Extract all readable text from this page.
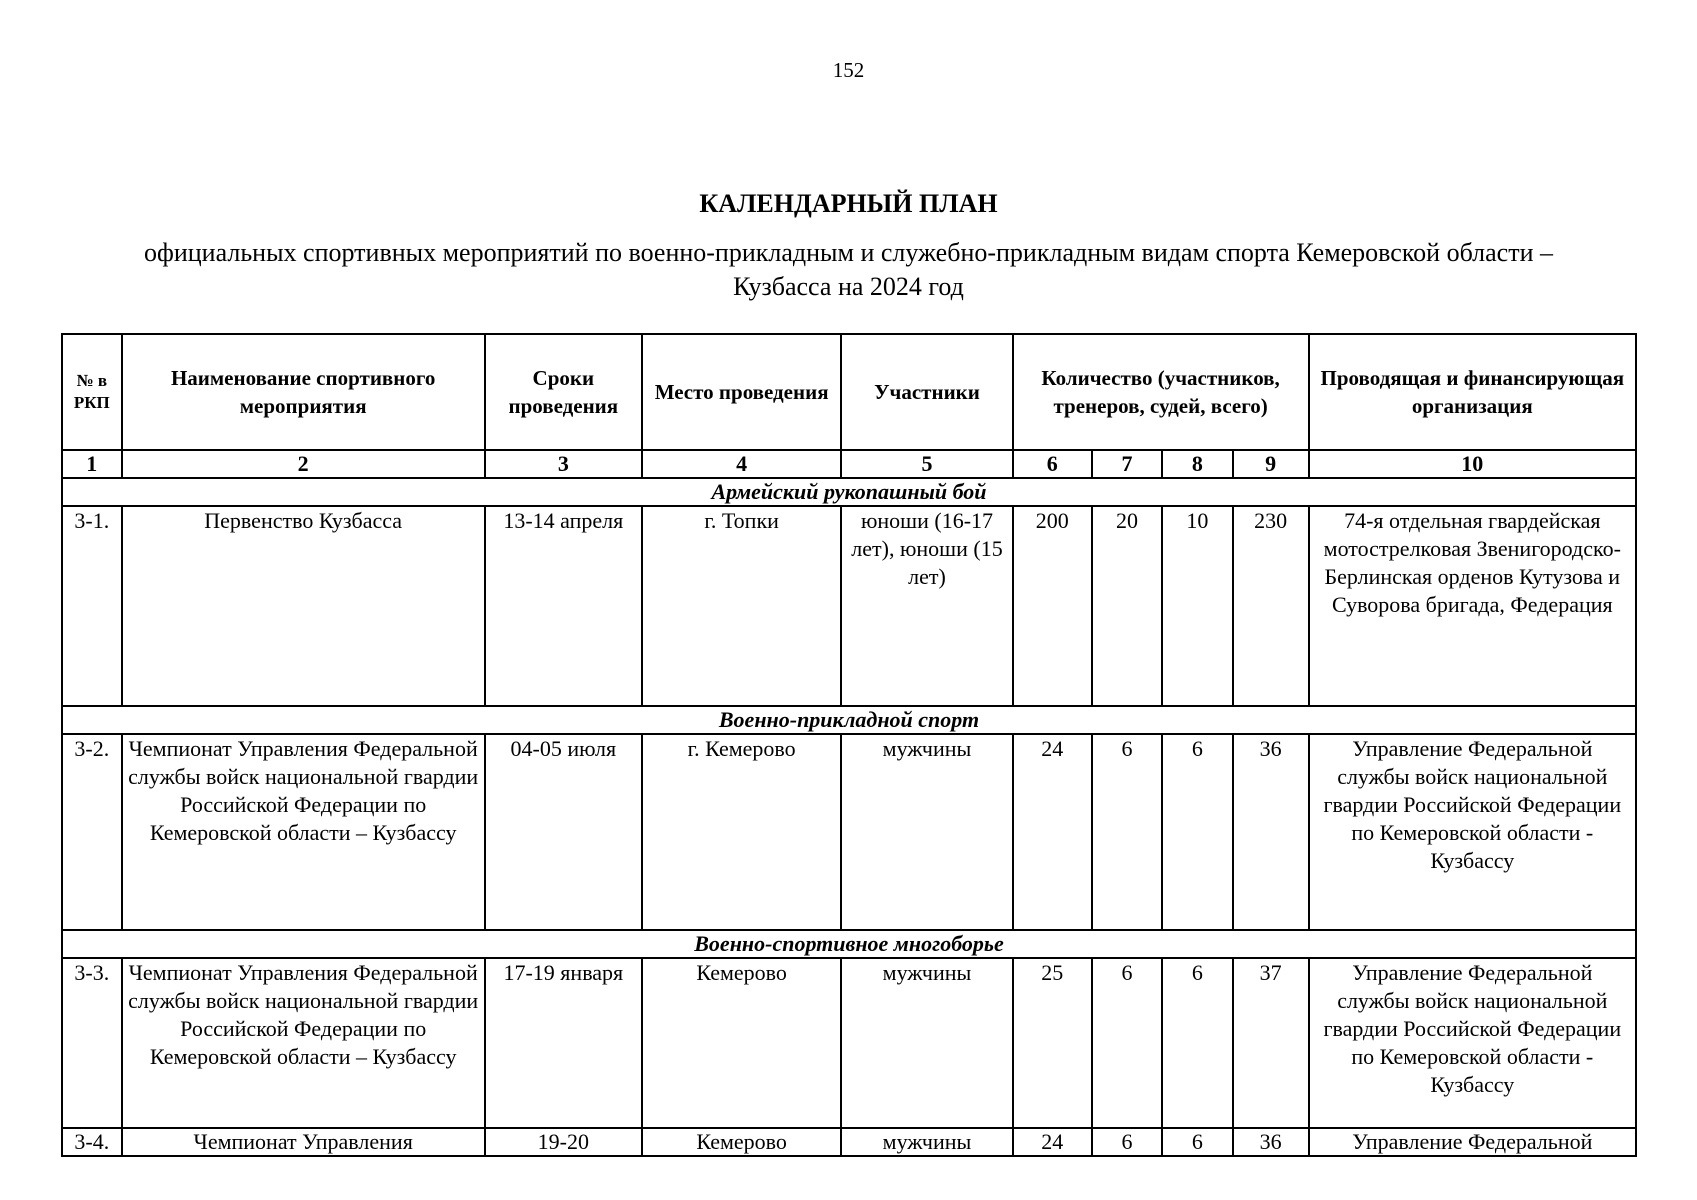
152
КАЛЕНДАРНЫЙ ПЛАН
официальных спортивных мероприятий по военно-прикладным и служебно-прикладным видам спорта Кемеровской области –
Кузбасса на 2024 год
№ в РКП	Наименование спортивного мероприятия	Сроки проведения	Место проведения	Участники	Количество (участников, тренеров, судей, всего)				Проводящая и финансирующая организация
1	2	3	4	5	6	7	8	9	10
Армейский рукопашный бой									
3-1.	Первенство Кузбасса	13-14 апреля	г. Топки	юноши (16-17 лет), юноши (15 лет)	200	20	10	230	74-я отдельная гвардейская мотострелковая Звенигородско-Берлинская орденов Кутузова и Суворова бригада, Федерация
Военно-прикладной спорт									
3-2.	Чемпионат Управления Федеральной службы войск национальной гвардии Российской Федерации по Кемеровской области – Кузбассу	04-05 июля	г. Кемерово	мужчины	24	6	6	36	Управление Федеральной службы войск национальной гвардии Российской Федерации по Кемеровской области - Кузбассу
Военно-спортивное многоборье									
3-3.	Чемпионат Управления Федеральной службы войск национальной гвардии Российской Федерации по Кемеровской области – Кузбассу	17-19 января	Кемерово	мужчины	25	6	6	37	Управление Федеральной службы войск национальной гвардии Российской Федерации по Кемеровской области - Кузбассу
3-4.	Чемпионат Управления	19-20	Кемерово	мужчины	24	6	6	36	Управление Федеральной
